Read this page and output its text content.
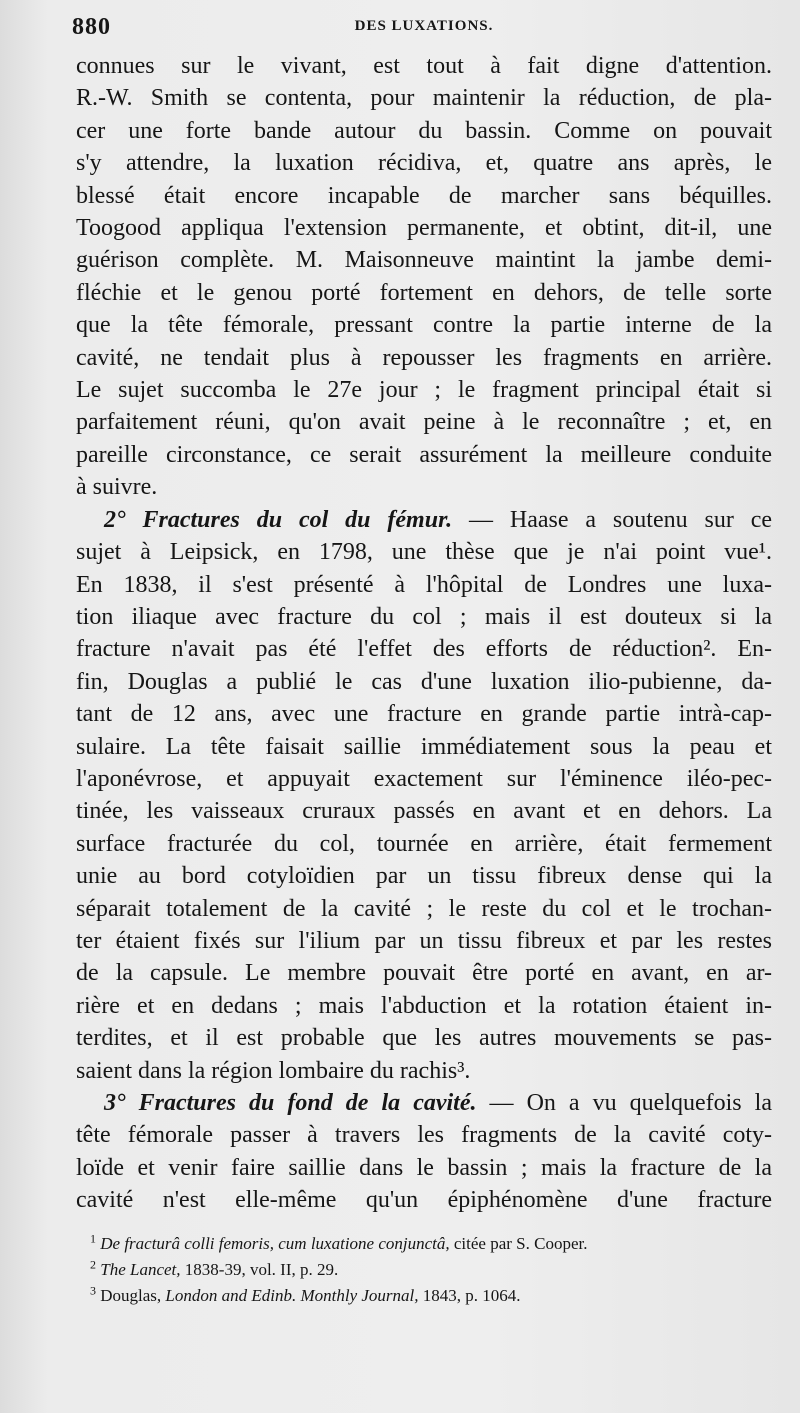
880	DES LUXATIONS.

connues sur le vivant, est tout à fait digne d'attention.

R.-W. Smith se contenta, pour maintenir la réduction, de pla-

cer une forte bande autour du bassin. Comme on pouvait

s'y attendre, la luxation récidiva, et, quatre ans après, le

blessé était encore incapable de marcher sans béquilles.

Toogood appliqua l'extension permanente, et obtint, dit-il, une

guérison complète. M. Maisonneuve maintint la jambe demi-

fléchie et le genou porté fortement en dehors, de telle sorte

que la tête fémorale, pressant contre la partie interne de la

cavité, ne tendait plus à repousser les fragments en arrière.

Le sujet succomba le 27e jour ; le fragment principal était si

parfaitement réuni, qu'on avait peine à le reconnaître ; et, en

pareille circonstance, ce serait assurément la meilleure conduite

à suivre.

2° Fractures du col du fémur. — Haase a soutenu sur ce

sujet à Leipsick, en 1798, une thèse que je n'ai point vue¹.

En 1838, il s'est présenté à l'hôpital de Londres une luxa-

tion iliaque avec fracture du col ; mais il est douteux si la

fracture n'avait pas été l'effet des efforts de réduction². En-

fin, Douglas a publié le cas d'une luxation ilio-pubienne, da-

tant de 12 ans, avec une fracture en grande partie intrà-cap-

sulaire. La tête faisait saillie immédiatement sous la peau et

l'aponévrose, et appuyait exactement sur l'éminence iléo-pec-

tinée, les vaisseaux cruraux passés en avant et en dehors. La

surface fracturée du col, tournée en arrière, était fermement

unie au bord cotyloïdien par un tissu fibreux dense qui la

séparait totalement de la cavité ; le reste du col et le trochan-

ter étaient fixés sur l'ilium par un tissu fibreux et par les restes

de la capsule. Le membre pouvait être porté en avant, en ar-

rière et en dedans ; mais l'abduction et la rotation étaient in-

terdites, et il est probable que les autres mouvements se pas-

saient dans la région lombaire du rachis³.

3° Fractures du fond de la cavité. — On a vu quelquefois la

tête fémorale passer à travers les fragments de la cavité coty-

loïde et venir faire saillie dans le bassin ; mais la fracture de la

cavité n'est elle-même qu'un épiphénomène d'une fracture

$^1$ De fracturâ colli femoris, cum luxatione conjunctâ, citée par S. Cooper.
$^2$ The Lancet, 1838-39, vol. II, p. 29.
$^3$ Douglas, London and Edinb. Monthly Journal, 1843, p. 1064.
